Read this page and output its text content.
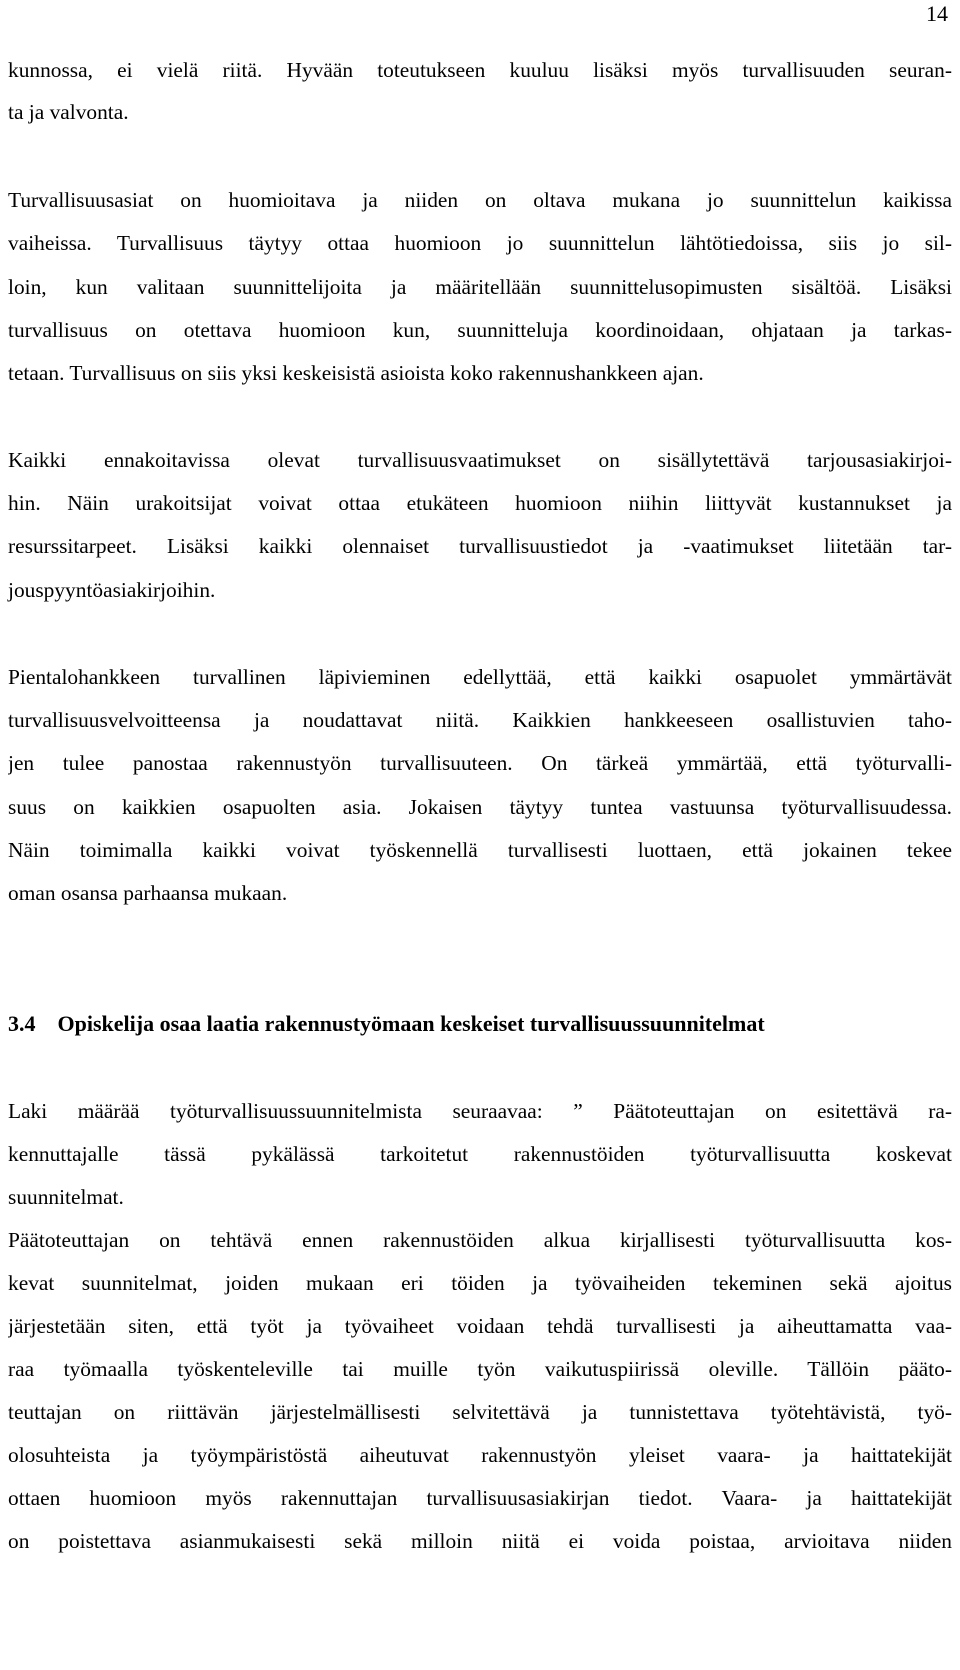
14
kunnossa, ei vielä riitä. Hyvään toteutukseen kuuluu lisäksi myös turvallisuuden seuran-
ta ja valvonta.
Turvallisuusasiat on huomioitava ja niiden on oltava mukana jo suunnittelun kaikissa
vaiheissa. Turvallisuus täytyy ottaa huomioon jo suunnittelun lähtötiedoissa, siis jo sil-
loin, kun valitaan suunnittelijoita ja määritellään suunnittelusopimusten sisältöä. Lisäksi
turvallisuus on otettava huomioon kun, suunnitteluja koordinoidaan, ohjataan ja tarkas-
tetaan. Turvallisuus on siis yksi keskeisistä asioista koko rakennushankkeen ajan.
Kaikki ennakoitavissa olevat turvallisuusvaatimukset on sisällytettävä tarjousasiakirjoi-
hin. Näin urakoitsijat voivat ottaa etukäteen huomioon niihin liittyvät kustannukset ja
resurssitarpeet. Lisäksi kaikki olennaiset turvallisuustiedot ja -vaatimukset liitetään tar-
jouspyyntöasiakirjoihin.
Pientalohankkeen turvallinen läpivieminen edellyttää, että kaikki osapuolet ymmärtävät
turvallisuusvelvoitteensa ja noudattavat niitä. Kaikkien hankkeeseen osallistuvien taho-
jen tulee panostaa rakennustyön turvallisuuteen. On tärkeä ymmärtää, että työturvalli-
suus on kaikkien osapuolten asia. Jokaisen täytyy tuntea vastuunsa työturvallisuudessa.
Näin toimimalla kaikki voivat työskennellä turvallisesti luottaen, että jokainen tekee
oman osansa parhaansa mukaan.
3.4 Opiskelija osaa laatia rakennustyömaan keskeiset turvallisuussuunnitelmat
Laki määrää työturvallisuussuunnitelmista seuraavaa: ” Päätoteuttajan on esitettävä ra-
kennuttajalle tässä pykälässä tarkoitetut rakennustöiden työturvallisuutta koskevat
suunnitelmat.
Päätoteuttajan on tehtävä ennen rakennustöiden alkua kirjallisesti työturvallisuutta kos-
kevat suunnitelmat, joiden mukaan eri töiden ja työvaiheiden tekeminen sekä ajoitus
järjestetään siten, että työt ja työvaiheet voidaan tehdä turvallisesti ja aiheuttamatta vaa-
raa työmaalla työskenteleville tai muille työn vaikutuspiirissä oleville. Tällöin pääto-
teuttajan on riittävän järjestelmällisesti selvitettävä ja tunnistettava työtehtävistä, työ-
olosuhteista ja työympäristöstä aiheutuvat rakennustyön yleiset vaara- ja haittatekijät
ottaen huomioon myös rakennuttajan turvallisuusasiakirjan tiedot. Vaara- ja haittatekijät
on poistettava asianmukaisesti sekä milloin niitä ei voida poistaa, arvioitava niiden
